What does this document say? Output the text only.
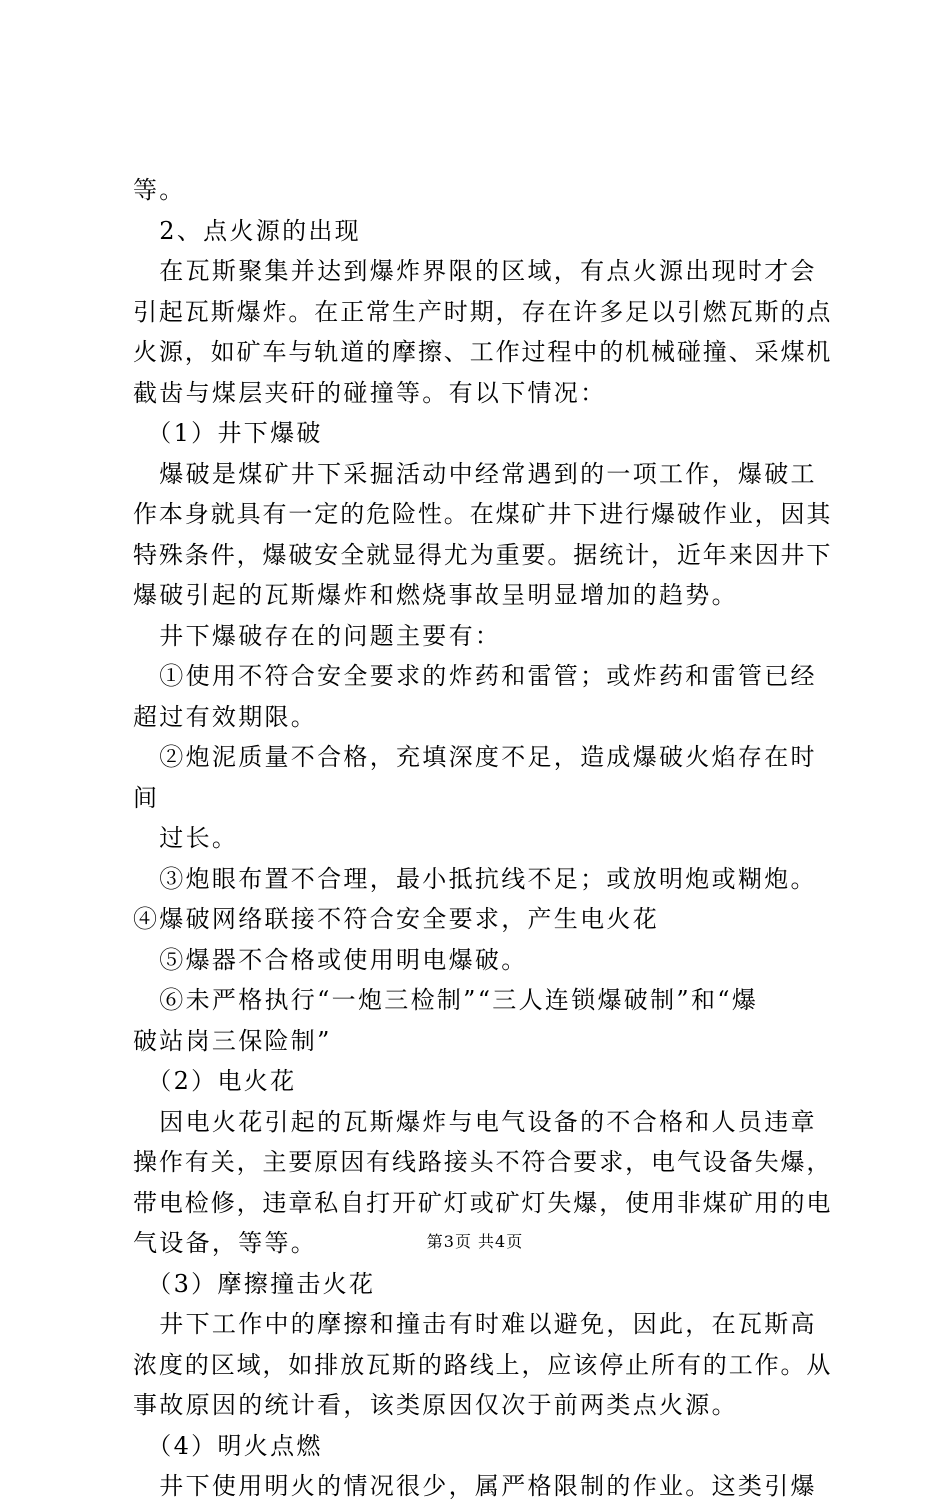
等。
　2、点火源的出现
　在瓦斯聚集并达到爆炸界限的区域，有点火源出现时才会
引起瓦斯爆炸。在正常生产时期，存在许多足以引燃瓦斯的点
火源，如矿车与轨道的摩擦、工作过程中的机械碰撞、采煤机
截齿与煤层夹矸的碰撞等。有以下情况：
　（1）井下爆破
　爆破是煤矿井下采掘活动中经常遇到的一项工作，爆破工
作本身就具有一定的危险性。在煤矿井下进行爆破作业，因其
特殊条件，爆破安全就显得尤为重要。据统计，近年来因井下
爆破引起的瓦斯爆炸和燃烧事故呈明显增加的趋势。
　井下爆破存在的问题主要有：
　①使用不符合安全要求的炸药和雷管；或炸药和雷管已经
超过有效期限。
　②炮泥质量不合格，充填深度不足，造成爆破火焰存在时
间
　过长。
　③炮眼布置不合理，最小抵抗线不足；或放明炮或糊炮。
④爆破网络联接不符合安全要求，产生电火花
　⑤爆器不合格或使用明电爆破。
　⑥未严格执行“一炮三检制”“三人连锁爆破制”和“爆
破站岗三保险制”
　（2）电火花
　因电火花引起的瓦斯爆炸与电气设备的不合格和人员违章
操作有关，主要原因有线路接头不符合要求，电气设备失爆，
带电检修，违章私自打开矿灯或矿灯失爆，使用非煤矿用的电
气设备，等等。
　（3）摩擦撞击火花
　井下工作中的摩擦和撞击有时难以避免，因此，在瓦斯高
浓度的区域，如排放瓦斯的路线上，应该停止所有的工作。从
事故原因的统计看，该类原因仅次于前两类点火源。
　（4）明火点燃
　井下使用明火的情况很少，属严格限制的作业。这类引爆
第3页 共4页
